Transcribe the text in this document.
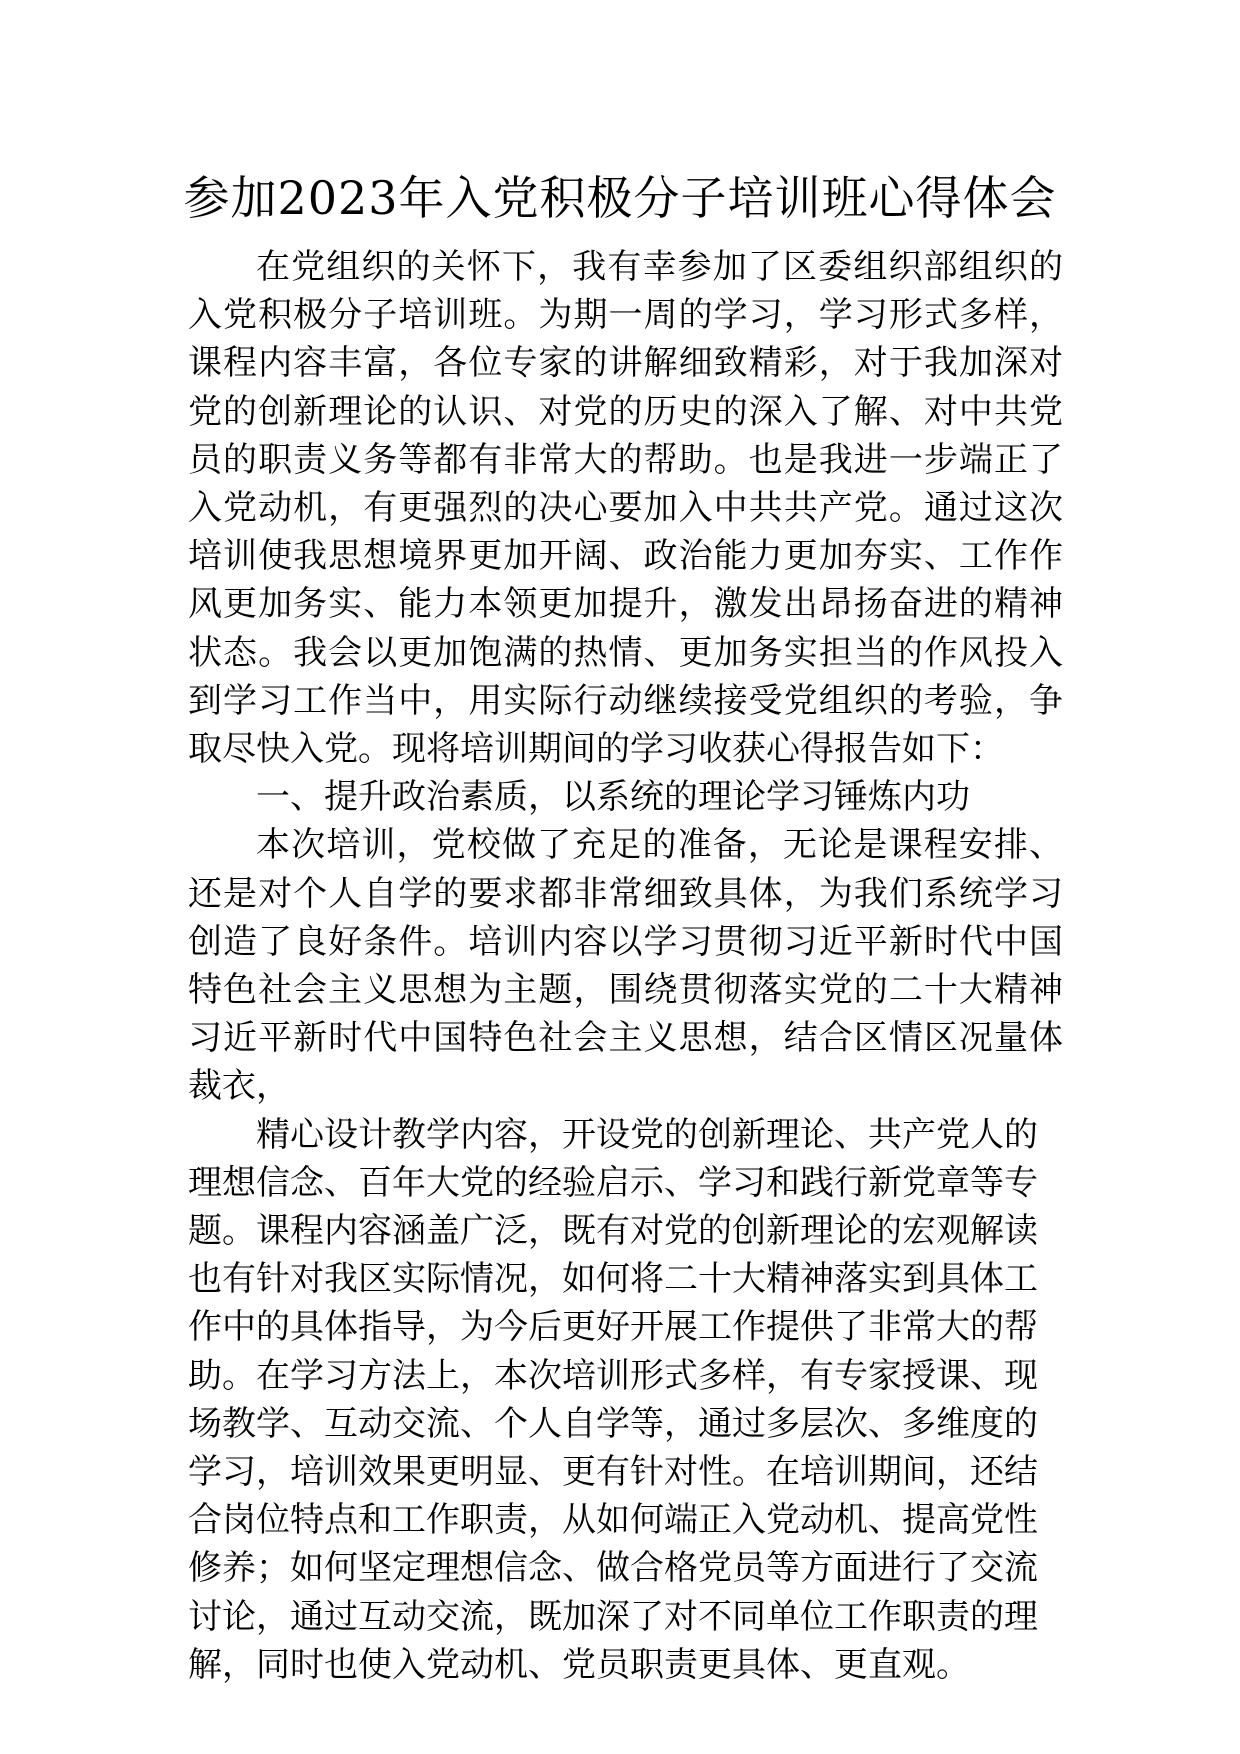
参加2023年入党积极分子培训班心得体会

在党组织的关怀下，我有幸参加了区委组织部组织的入党积极分子培训班。为期一周的学习，学习形式多样，课程内容丰富，各位专家的讲解细致精彩，对于我加深对党的创新理论的认识、对党的历史的深入了解、对中共党员的职责义务等都有非常大的帮助。也是我进一步端正了入党动机，有更强烈的决心要加入中共共产党。通过这次培训使我思想境界更加开阔、政治能力更加夯实、工作作风更加务实、能力本领更加提升，激发出昂扬奋进的精神状态。我会以更加饱满的热情、更加务实担当的作风投入到学习工作当中，用实际行动继续接受党组织的考验，争取尽快入党。现将培训期间的学习收获心得报告如下：

一、提升政治素质，以系统的理论学习锤炼内功

本次培训，党校做了充足的准备，无论是课程安排、还是对个人自学的要求都非常细致具体，为我们系统学习创造了良好条件。培训内容以学习贯彻习近平新时代中国特色社会主义思想为主题，围绕贯彻落实党的二十大精神习近平新时代中国特色社会主义思想，结合区情区况量体裁衣，

精心设计教学内容，开设党的创新理论、共产党人的理想信念、百年大党的经验启示、学习和践行新党章等专题。课程内容涵盖广泛，既有对党的创新理论的宏观解读也有针对我区实际情况，如何将二十大精神落实到具体工作中的具体指导，为今后更好开展工作提供了非常大的帮助。在学习方法上，本次培训形式多样，有专家授课、现场教学、互动交流、个人自学等，通过多层次、多维度的学习，培训效果更明显、更有针对性。在培训期间，还结合岗位特点和工作职责，从如何端正入党动机、提高党性修养；如何坚定理想信念、做合格党员等方面进行了交流讨论，通过互动交流，既加深了对不同单位工作职责的理解，同时也使入党动机、党员职责更具体、更直观。
